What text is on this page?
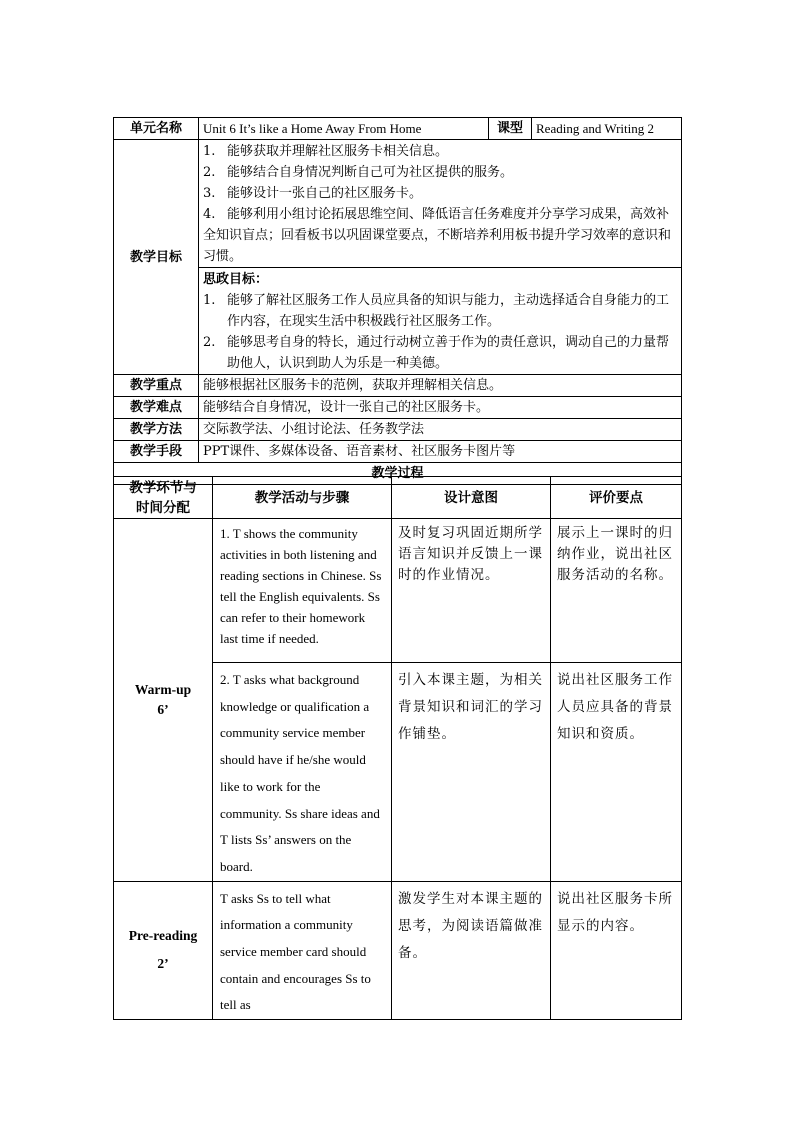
单元名称	Unit 6 It’s like a Home Away From Home	课型	Reading and Writing 2
教学目标	1. 能够获取并理解社区服务卡相关信息。
2. 能够结合自身情况判断自己可为社区提供的服务。
3. 能够设计一张自己的社区服务卡。
4. 能够利用小组讨论拓展思维空间、降低语言任务难度并分享学习成果，高效补全知识盲点；回看板书以巩固课堂要点，不断培养利用板书提升学习效率的意识和习惯。		

	思政目标：
1. 能够了解社区服务工作人员应具备的知识与能力，主动选择适合自身能力的工作内容，在现实生活中积极践行社区服务工作。
2. 能够思考自身的特长，通过行动树立善于作为的责任意识，调动自己的力量帮助他人，认识到助人为乐是一种美德。		

教学重点	能够根据社区服务卡的范例，获取并理解相关信息。		
教学难点	能够结合自身情况，设计一张自己的社区服务卡。		
教学方法	交际教学法、小组讨论法、任务教学法		
教学手段	PPT课件、多媒体设备、语音素材、社区服务卡图片等		
教学过程			
教学环节与时间分配	教学活动与步骤	设计意图	评价要点

Warm-up
6’	1. T shows the community activities in both listening and reading sections in Chinese. Ss tell the English equivalents. Ss can refer to their homework last time if needed.	及时复习巩固近期所学语言知识并反馈上一课时的作业情况。	展示上一课时的归纳作业，说出社区服务活动的名称。
	2. T asks what background knowledge or qualification a community service member should have if he/she would like to work for the community. Ss share ideas and T lists Ss’ answers on the board.	引入本课主题，为相关背景知识和词汇的学习作铺垫。	说出社区服务工作人员应具备的背景知识和资质。

Pre-reading
2’	T asks Ss to tell what information a community service member card should contain and encourages Ss to tell as	激发学生对本课主题的思考，为阅读语篇做准备。	说出社区服务卡所显示的内容。
